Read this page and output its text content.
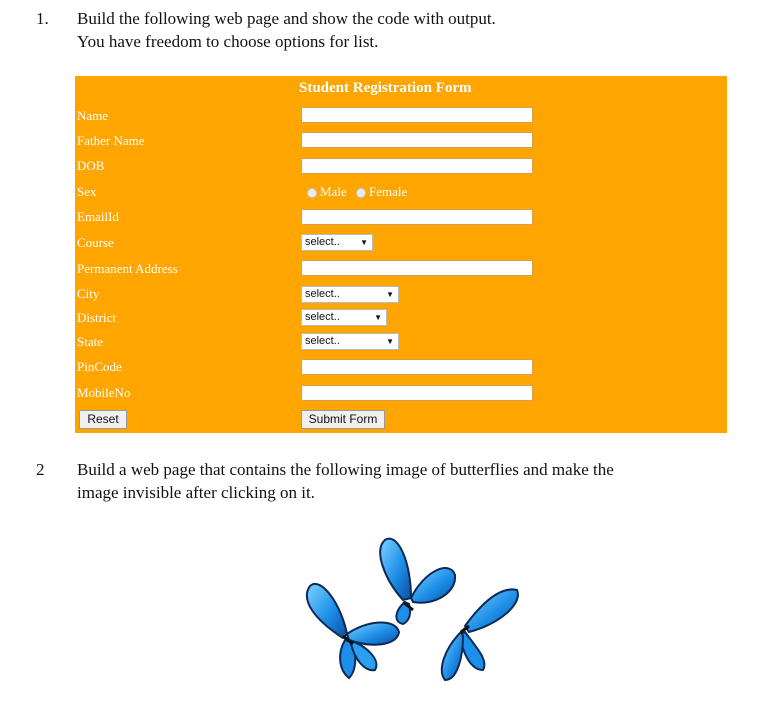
1. Build the following web page and show the code with output.
You have freedom to choose options for list.
Student Registration Form
Name
Father Name
DOB
Sex	Male Female
EmailId
Course	select..	▼
Permanent Address
City	select..	▼
District	select..	▼
State	select..	▼
PinCode
MobileNo
Reset	Submit Form
2 Build a web page that contains the following image of butterflies and make the
image invisible after clicking on it.
